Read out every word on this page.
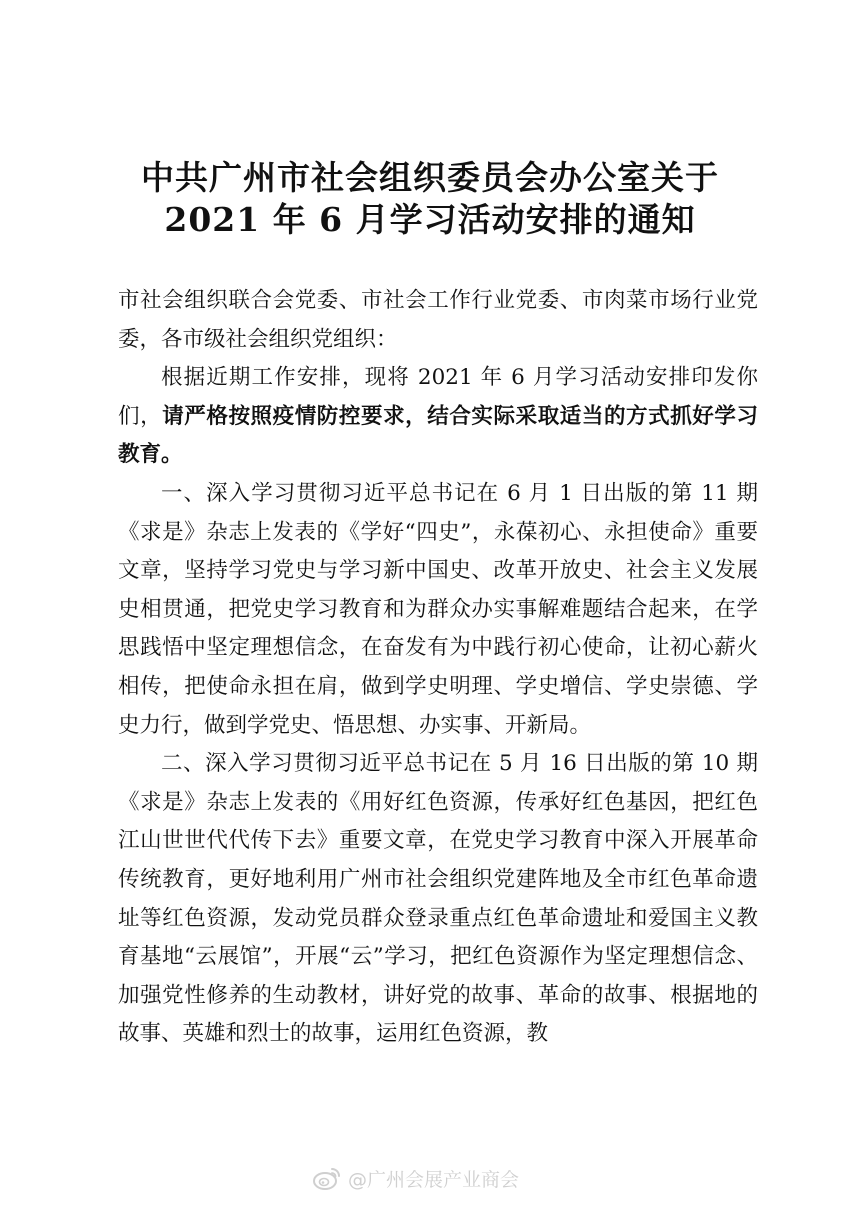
中共广州市社会组织委员会办公室关于
2021 年 6 月学习活动安排的通知

市社会组织联合会党委、市社会工作行业党委、市肉菜市场行业党委，各市级社会组织党组织：

根据近期工作安排，现将 2021 年 6 月学习活动安排印发你们，请严格按照疫情防控要求，结合实际采取适当的方式抓好学习教育。

一、深入学习贯彻习近平总书记在 6 月 1 日出版的第 11 期《求是》杂志上发表的《学好“四史”，永葆初心、永担使命》重要文章，坚持学习党史与学习新中国史、改革开放史、社会主义发展史相贯通，把党史学习教育和为群众办实事解难题结合起来，在学思践悟中坚定理想信念，在奋发有为中践行初心使命，让初心薪火相传，把使命永担在肩，做到学史明理、学史增信、学史崇德、学史力行，做到学党史、悟思想、办实事、开新局。

二、深入学习贯彻习近平总书记在 5 月 16 日出版的第 10 期《求是》杂志上发表的《用好红色资源，传承好红色基因，把红色江山世世代代传下去》重要文章，在党史学习教育中深入开展革命传统教育，更好地利用广州市社会组织党建阵地及全市红色革命遗址等红色资源，发动党员群众登录重点红色革命遗址和爱国主义教育基地“云展馆”，开展“云”学习，把红色资源作为坚定理想信念、加强党性修养的生动教材，讲好党的故事、革命的故事、根据地的故事、英雄和烈士的故事，运用红色资源，教

@广州会展产业商会
